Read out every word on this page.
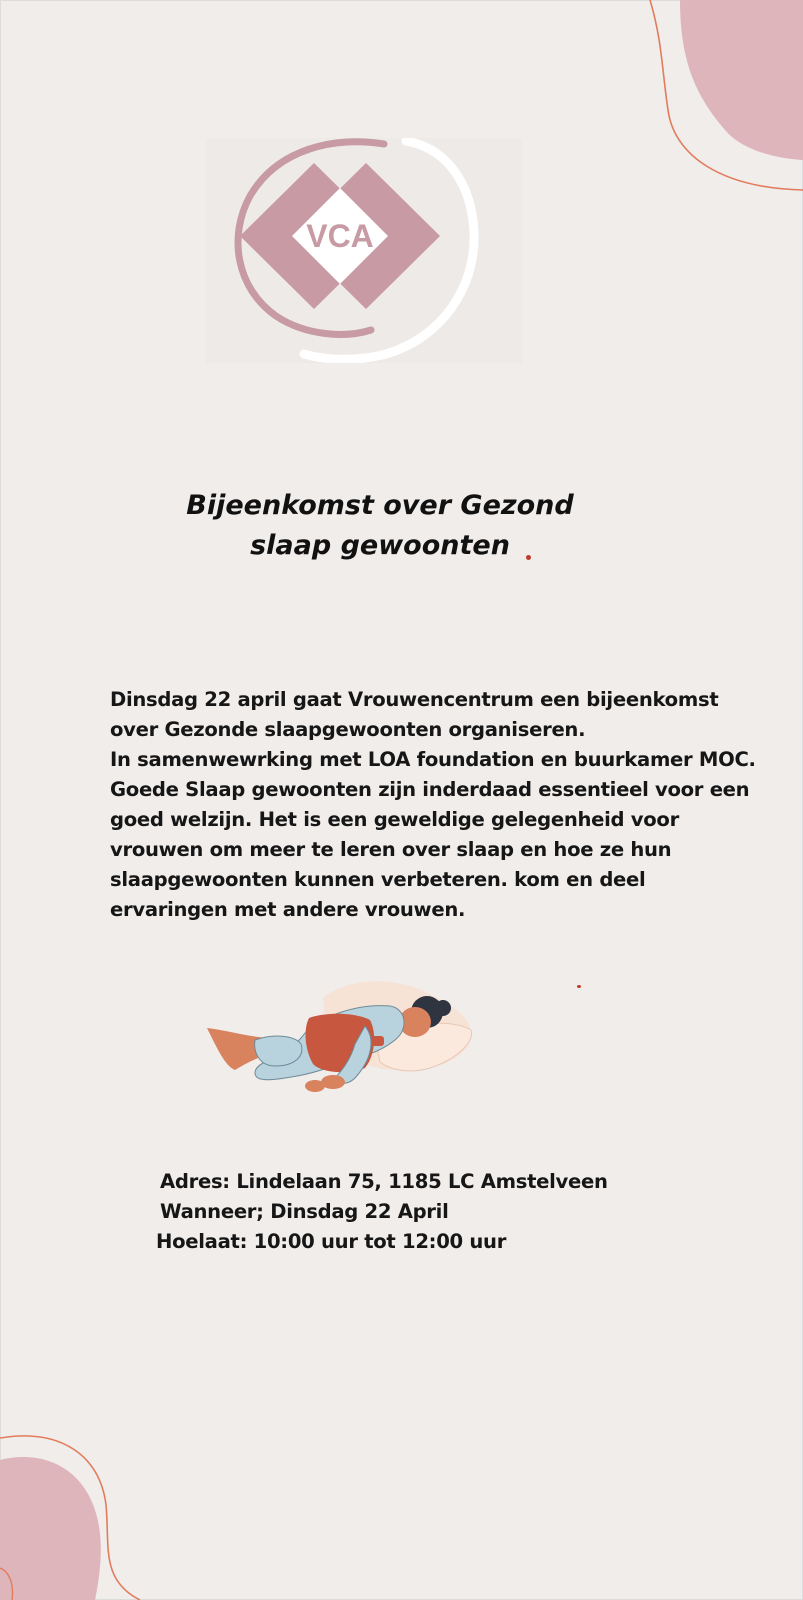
VCA
Bijeenkomst over Gezond
slaap gewoonten
Dinsdag 22 april gaat Vrouwencentrum een bijeenkomst
over Gezonde slaapgewoonten organiseren.
In samenwewrking met LOA foundation en buurkamer MOC.
Goede Slaap gewoonten zijn inderdaad essentieel voor een
goed welzijn. Het is een geweldige gelegenheid voor
vrouwen om meer te leren over slaap en hoe ze hun
slaapgewoonten kunnen verbeteren. kom en deel
ervaringen met andere vrouwen.
Adres: Lindelaan 75, 1185 LC Amstelveen
Wanneer; Dinsdag 22 April
Hoelaat: 10:00 uur tot 12:00 uur
